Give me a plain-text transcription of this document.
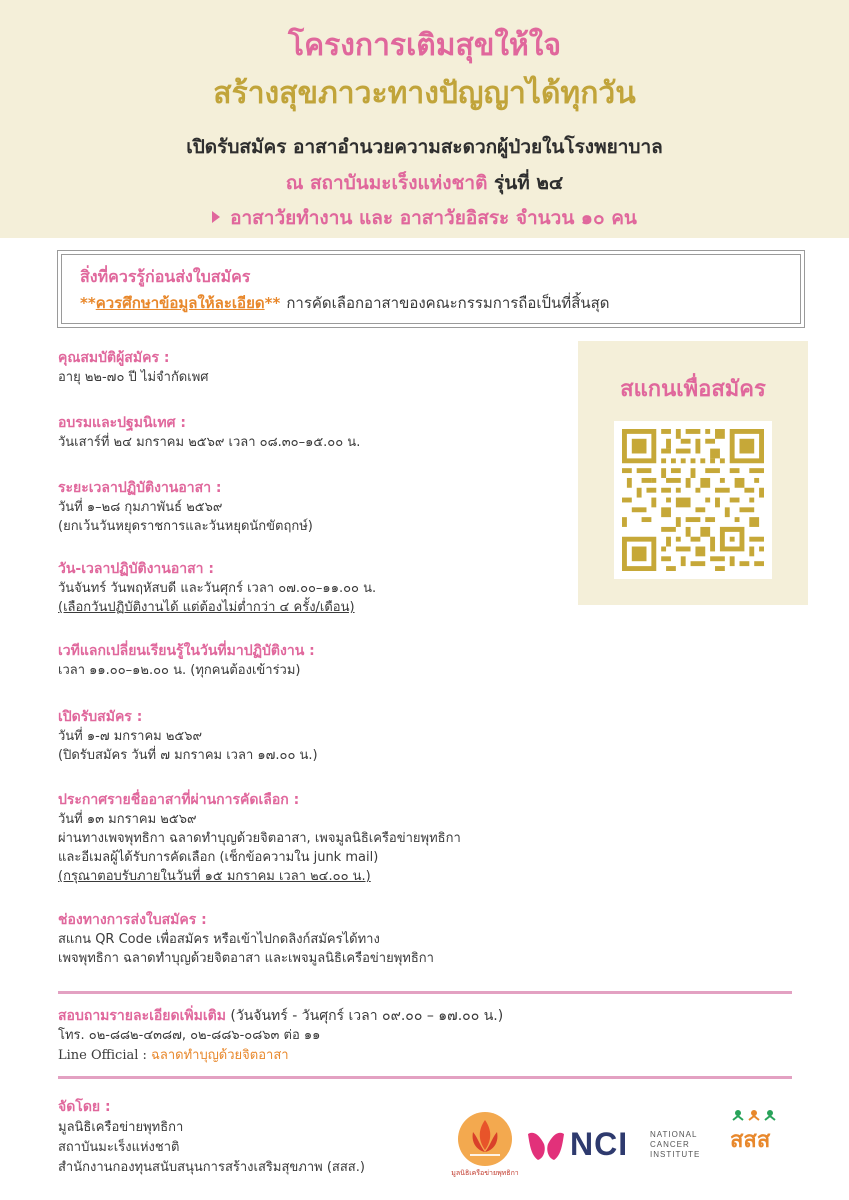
โครงการเติมสุขให้ใจ
สร้างสุขภาวะทางปัญญาได้ทุกวัน
เปิดรับสมัคร อาสาอำนวยความสะดวกผู้ป่วยในโรงพยาบาล
ณ สถาบันมะเร็งแห่งชาติ รุ่นที่ ๒๔
อาสาวัยทำงาน และ อาสาวัยอิสระ จำนวน ๑๐ คน
สิ่งที่ควรรู้ก่อนส่งใบสมัคร
**ควรศึกษาข้อมูลให้ละเอียด** การคัดเลือกอาสาของคณะกรรมการถือเป็นที่สิ้นสุด
คุณสมบัติผู้สมัคร :
อายุ ๒๒-๗๐ ปี ไม่จำกัดเพศ
อบรมและปฐมนิเทศ :
วันเสาร์ที่ ๒๔ มกราคม ๒๕๖๙ เวลา ๐๘.๓๐–๑๕.๐๐ น.
ระยะเวลาปฏิบัติงานอาสา :
วันที่ ๑–๒๘ กุมภาพันธ์ ๒๕๖๙
(ยกเว้นวันหยุดราชการและวันหยุดนักขัตฤกษ์)
วัน-เวลาปฏิบัติงานอาสา :
วันจันทร์ วันพฤหัสบดี และวันศุกร์ เวลา ๐๗.๐๐–๑๑.๐๐ น.
(เลือกวันปฏิบัติงานได้ แต่ต้องไม่ต่ำกว่า ๔ ครั้ง/เดือน)
เวทีแลกเปลี่ยนเรียนรู้ในวันที่มาปฏิบัติงาน :
เวลา ๑๑.๐๐–๑๒.๐๐ น. (ทุกคนต้องเข้าร่วม)
เปิดรับสมัคร :
วันที่ ๑-๗ มกราคม ๒๕๖๙
(ปิดรับสมัคร วันที่ ๗ มกราคม เวลา ๑๗.๐๐ น.)
ประกาศรายชื่ออาสาที่ผ่านการคัดเลือก :
วันที่ ๑๓ มกราคม ๒๕๖๙
ผ่านทางเพจพุทธิกา ฉลาดทำบุญด้วยจิตอาสา, เพจมูลนิธิเครือข่ายพุทธิกา
และอีเมลผู้ได้รับการคัดเลือก (เช็กข้อความใน junk mail)
(กรุณาตอบรับภายในวันที่ ๑๕ มกราคม เวลา ๒๔.๐๐ น.)
ช่องทางการส่งใบสมัคร :
สแกน QR Code เพื่อสมัคร หรือเข้าไปกดลิงก์สมัครได้ทาง
เพจพุทธิกา ฉลาดทำบุญด้วยจิตอาสา และเพจมูลนิธิเครือข่ายพุทธิกา
สแกนเพื่อสมัคร
สอบถามรายละเอียดเพิ่มเติม (วันจันทร์ - วันศุกร์ เวลา ๐๙.๐๐ – ๑๗.๐๐ น.)
โทร. ๐๒-๘๘๒-๔๓๘๗, ๐๒-๘๘๖-๐๘๖๓ ต่อ ๑๑
Line Official : ฉลาดทำบุญด้วยจิตอาสา
จัดโดย :
มูลนิธิเครือข่ายพุทธิกา
สถาบันมะเร็งแห่งชาติ
สำนักงานกองทุนสนับสนุนการสร้างเสริมสุขภาพ (สสส.)	มูลนิธิเครือข่ายพุทธิกา
NCI	NATIONAL
CANCER
INSTITUTE
สสส
